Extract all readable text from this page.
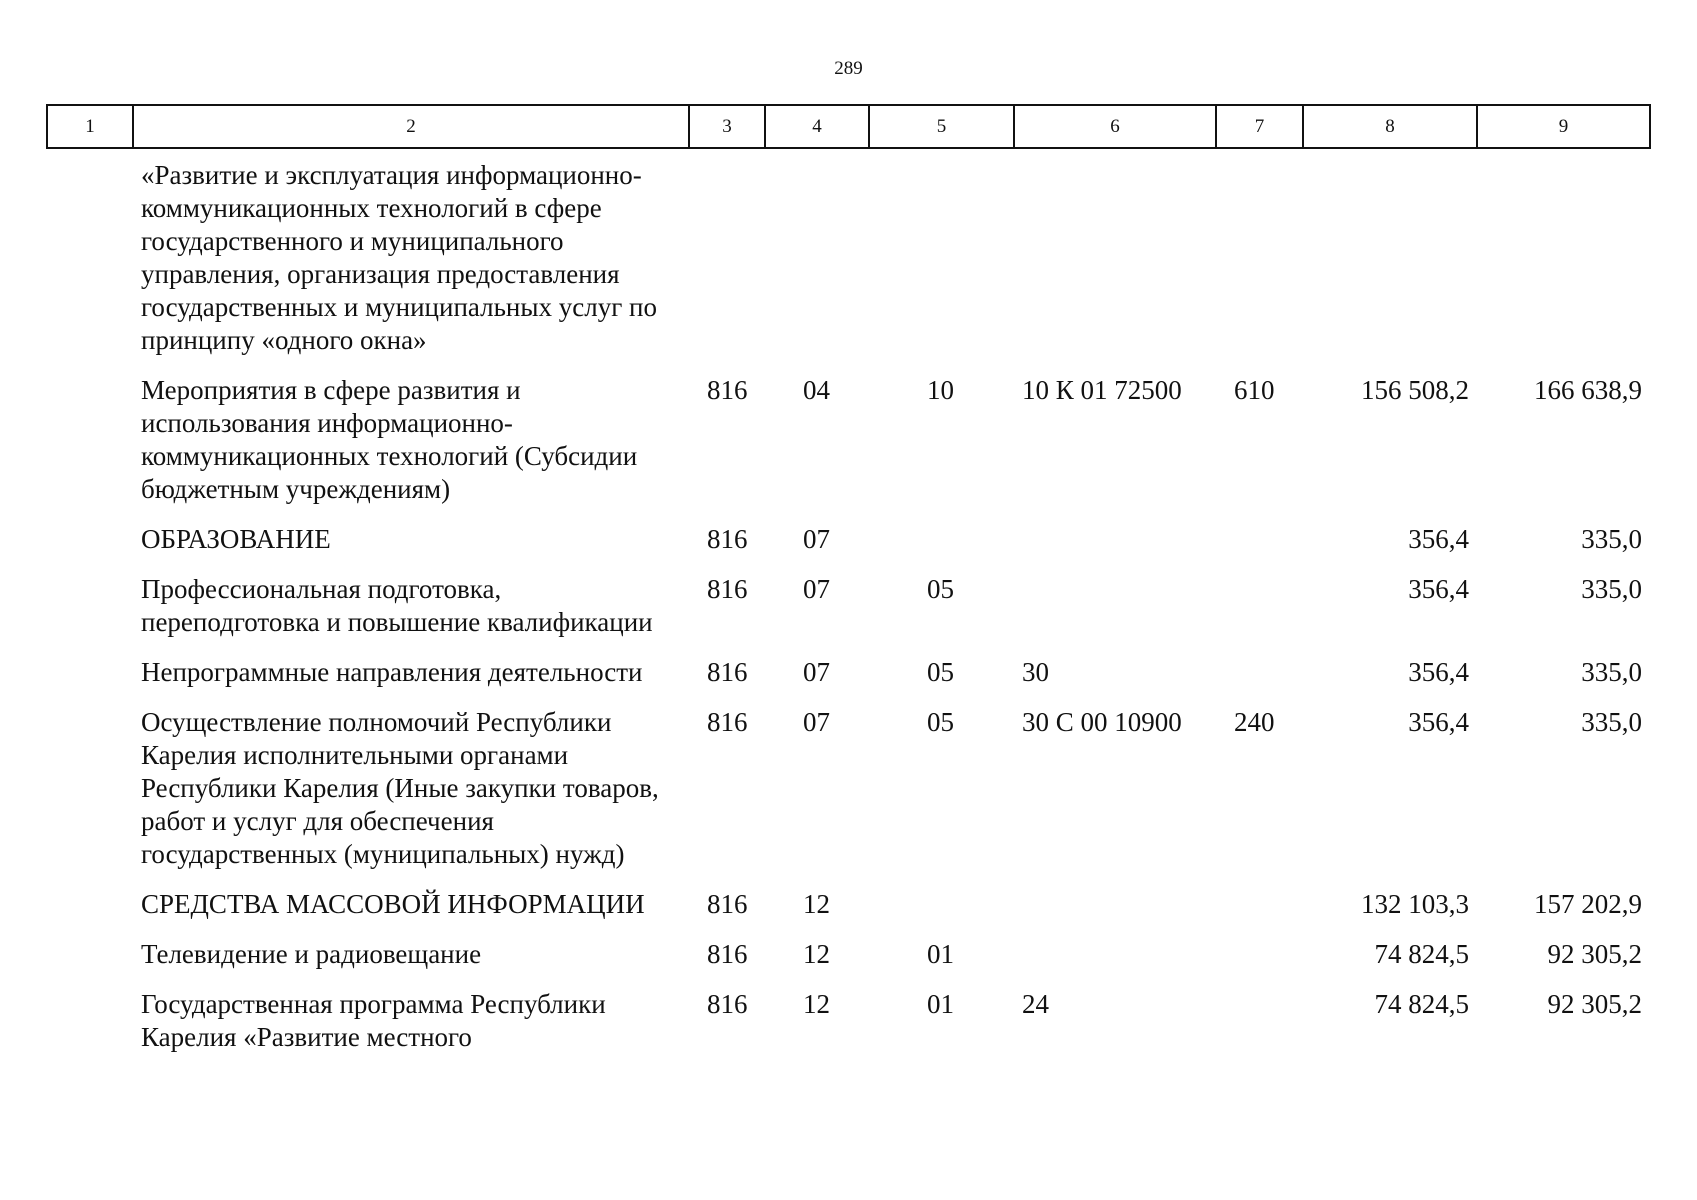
289
1	2	3	4	5	6	7	8	9
	«Развитие и эксплуатация информационно-коммуникационных технологий в сфере государственного и муниципального управления, организация предоставления государственных и муниципальных услуг по принципу «одного окна»							
	Мероприятия в сфере развития и использования информационно-коммуникационных технологий (Субсидии бюджетным учреждениям)	816	04	10	10 К 01 72500	610	156 508,2	166 638,9
	ОБРАЗОВАНИЕ	816	07				356,4	335,0
	Профессиональная подготовка, переподготовка и повышение квалификации	816	07	05			356,4	335,0
	Непрограммные направления деятельности	816	07	05	30		356,4	335,0
	Осуществление полномочий Республики Карелия исполнительными органами Республики Карелия (Иные закупки товаров, работ и услуг для обеспечения государственных (муниципальных) нужд)	816	07	05	30 С 00 10900	240	356,4	335,0
	СРЕДСТВА МАССОВОЙ ИНФОРМАЦИИ	816	12				132 103,3	157 202,9
	Телевидение и радиовещание	816	12	01			74 824,5	92 305,2
	Государственная программа Республики Карелия «Развитие местного	816	12	01	24		74 824,5	92 305,2
